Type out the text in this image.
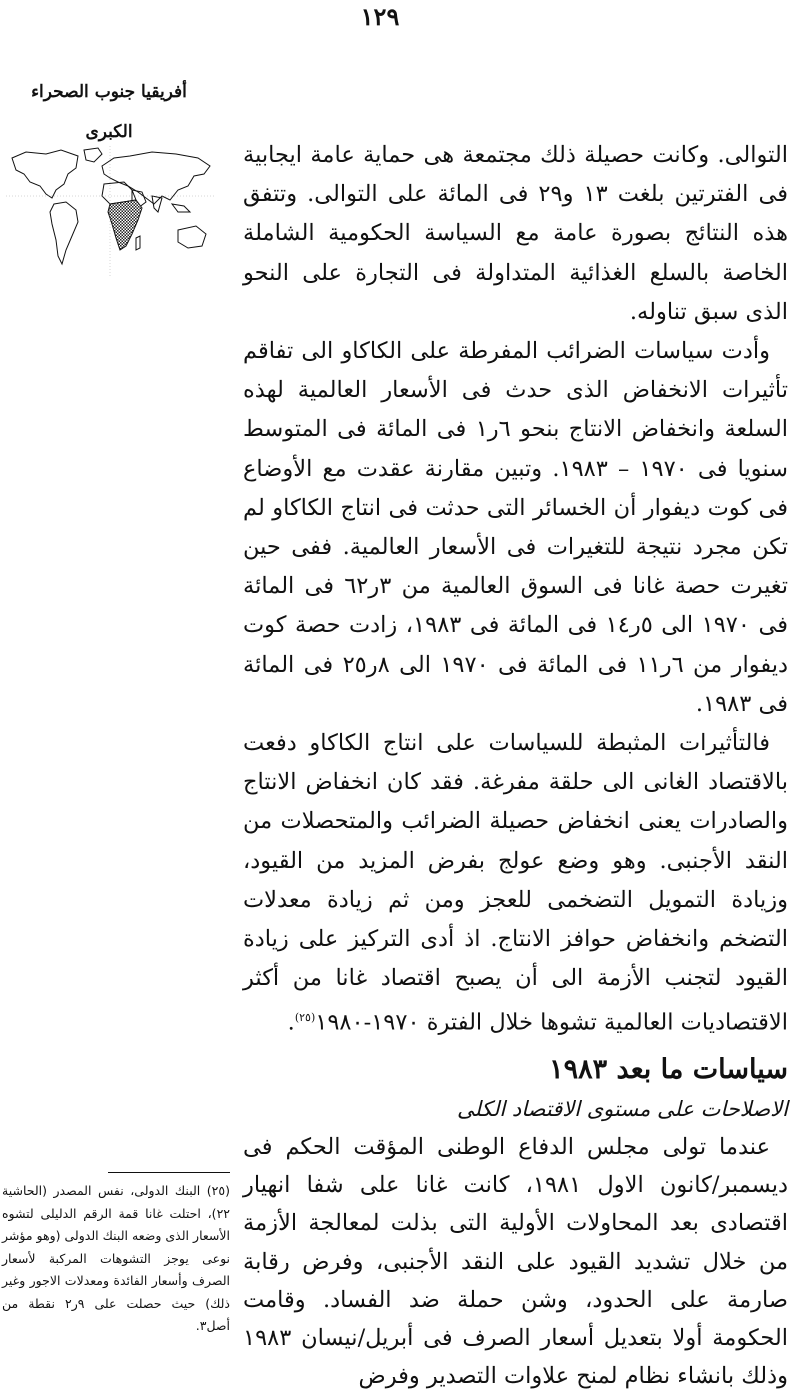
١٢٩
أفريقيا جنوب الصحراء
الكبرى

التوالى. وكانت حصيلة ذلك مجتمعة هى حماية عامة ايجابية فى الفترتين بلغت ١٣ و٢٩ فى المائة على التوالى. وتتفق هذه النتائج بصورة عامة مع السياسة الحكومية الشاملة الخاصة بالسلع الغذائية المتداولة فى التجارة على النحو الذى سبق تناوله.

وأدت سياسات الضرائب المفرطة على الكاكاو الى تفاقم تأثيرات الانخفاض الذى حدث فى الأسعار العالمية لهذه السلعة وانخفاض الانتاج بنحو ٦ر١ فى المائة فى المتوسط سنويا فى ١٩٧٠ – ١٩٨٣. وتبين مقارنة عقدت مع الأوضاع فى كوت ديفوار أن الخسائر التى حدثت فى انتاج الكاكاو لم تكن مجرد نتيجة للتغيرات فى الأسعار العالمية. ففى حين تغيرت حصة غانا فى السوق العالمية من ٣ر٦٢ فى المائة فى ١٩٧٠ الى ٥ر١٤ فى المائة فى ١٩٨٣، زادت حصة كوت ديفوار من ٦ر١١ فى المائة فى ١٩٧٠ الى ٨ر٢٥ فى المائة فى ١٩٨٣.

فالتأثيرات المثبطة للسياسات على انتاج الكاكاو دفعت بالاقتصاد الغانى الى حلقة مفرغة. فقد كان انخفاض الانتاج والصادرات يعنى انخفاض حصيلة الضرائب والمتحصلات من النقد الأجنبى. وهو وضع عولج بفرض المزيد من القيود، وزيادة التمويل التضخمى للعجز ومن ثم زيادة معدلات التضخم وانخفاض حوافز الانتاج. اذ أدى التركيز على زيادة القيود لتجنب الأزمة الى أن يصبح اقتصاد غانا من أكثر الاقتصاديات العالمية تشوها خلال الفترة ١٩٧٠-١٩٨٠$^{(٢٥)}$.

سياسات ما بعد ١٩٨٣
الاصلاحات على مستوى الاقتصاد الكلى

عندما تولى مجلس الدفاع الوطنى المؤقت الحكم فى ديسمبر/كانون الاول ١٩٨١، كانت غانا على شفا انهيار اقتصادى بعد المحاولات الأولية التى بذلت لمعالجة الأزمة من خلال تشديد القيود على النقد الأجنبى، وفرض رقابة صارمة على الحدود، وشن حملة ضد الفساد. وقامت الحكومة أولا بتعديل أسعار الصرف فى أبريل/نيسان ١٩٨٣ وذلك بانشاء نظام لمنح علاوات التصدير وفرض

(٢٥) البنك الدولى، نفس المصدر (الحاشية ٢٢)، احتلت غانا قمة الرقم الدليلى لتشوه الأسعار الذى وضعه البنك الدولى (وهو مؤشر نوعى يوجز التشوهات المركبة لأسعار الصرف وأسعار الفائدة ومعدلات الاجور وغير ذلك) حيث حصلت على ٩ر٢ نقطة من أصل٣.
